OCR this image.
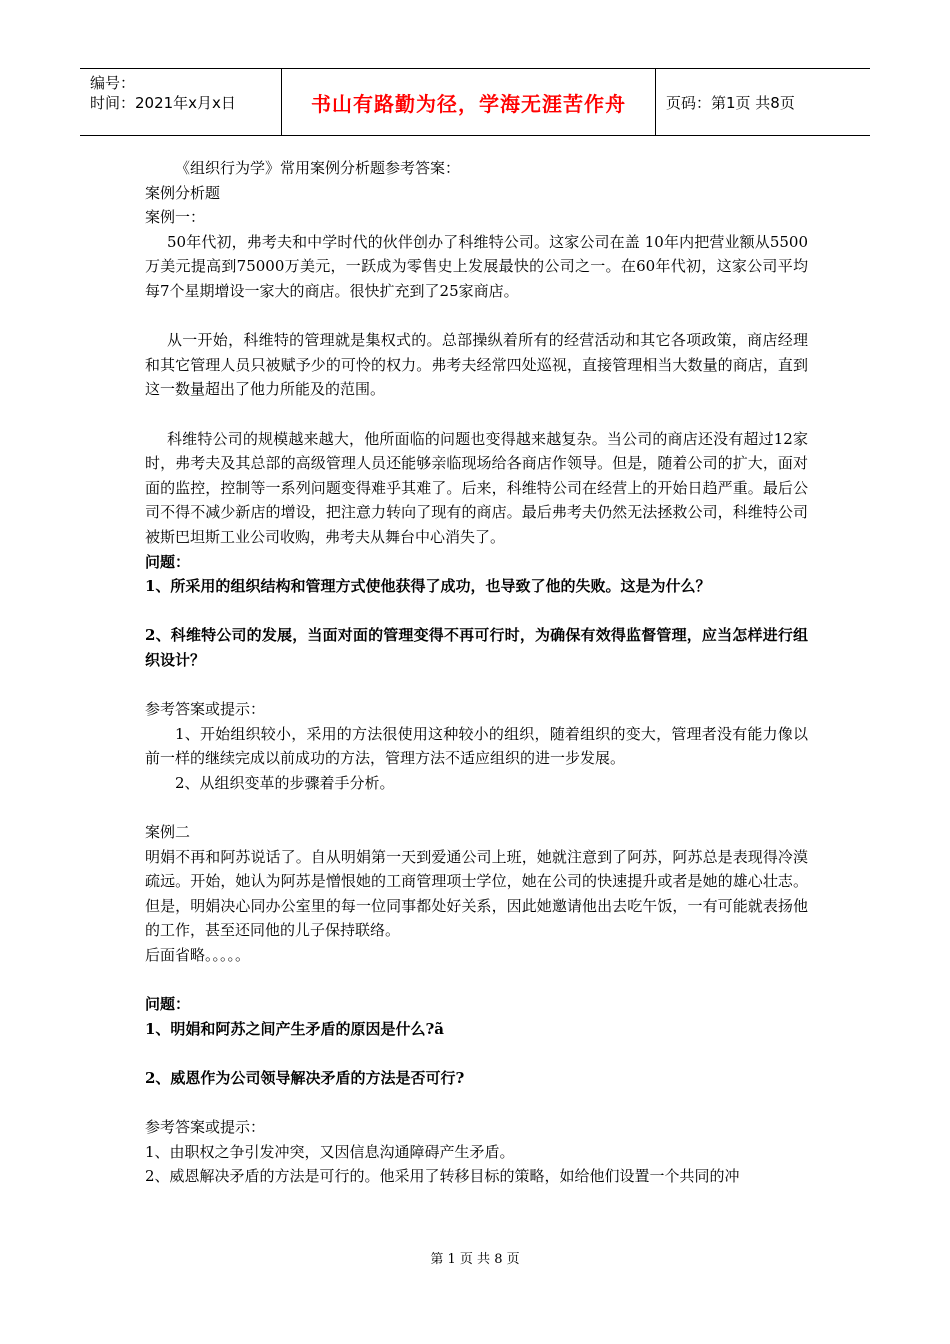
编号：
时间：2021年x月x日	书山有路勤为径，学海无涯苦作舟	页码：第1页 共8页

《组织行为学》常用案例分析题参考答案：

案例分析题

案例一：

50年代初，弗考夫和中学时代的伙伴创办了科维特公司。这家公司在盖 10年内把营业额从5500万美元提高到75000万美元，一跃成为零售史上发展最快的公司之一。在60年代初，这家公司平均每7个星期增设一家大的商店。很快扩充到了25家商店。

从一开始，科维特的管理就是集权式的。总部操纵着所有的经营活动和其它各项政策，商店经理和其它管理人员只被赋予少的可怜的权力。弗考夫经常四处巡视，直接管理相当大数量的商店，直到这一数量超出了他力所能及的范围。

科维特公司的规模越来越大，他所面临的问题也变得越来越复杂。当公司的商店还没有超过12家时，弗考夫及其总部的高级管理人员还能够亲临现场给各商店作领导。但是，随着公司的扩大，面对面的监控，控制等一系列问题变得难乎其难了。后来，科维特公司在经营上的开始日趋严重。最后公司不得不减少新店的增设，把注意力转向了现有的商店。最后弗考夫仍然无法拯救公司，科维特公司被斯巴坦斯工业公司收购，弗考夫从舞台中心消失了。

问题：

1、所采用的组织结构和管理方式使他获得了成功，也导致了他的失败。这是为什么？

2、科维特公司的发展，当面对面的管理变得不再可行时，为确保有效得监督管理，应当怎样进行组织设计？

参考答案或提示：

1、开始组织较小，采用的方法很使用这种较小的组织，随着组织的变大，管理者没有能力像以前一样的继续完成以前成功的方法，管理方法不适应组织的进一步发展。

2、从组织变革的步骤着手分析。

案例二

明娟不再和阿苏说话了。自从明娟第一天到爱通公司上班，她就注意到了阿苏，阿苏总是表现得冷漠疏远。开始，她认为阿苏是憎恨她的工商管理项士学位，她在公司的快速提升或者是她的雄心壮志。但是，明娟决心同办公室里的每一位同事都处好关系，因此她邀请他出去吃午饭，一有可能就表扬他的工作，甚至还同他的儿子保持联络。

后面省略。。。。。

问题：

1、明娟和阿苏之间产生矛盾的原因是什么?ã

2、威恩作为公司领导解决矛盾的方法是否可行?

参考答案或提示：

1、由职权之争引发冲突，又因信息沟通障碍产生矛盾。

2、威恩解决矛盾的方法是可行的。他采用了转移目标的策略，如给他们设置一个共同的冲

第 1 页 共 8 页
